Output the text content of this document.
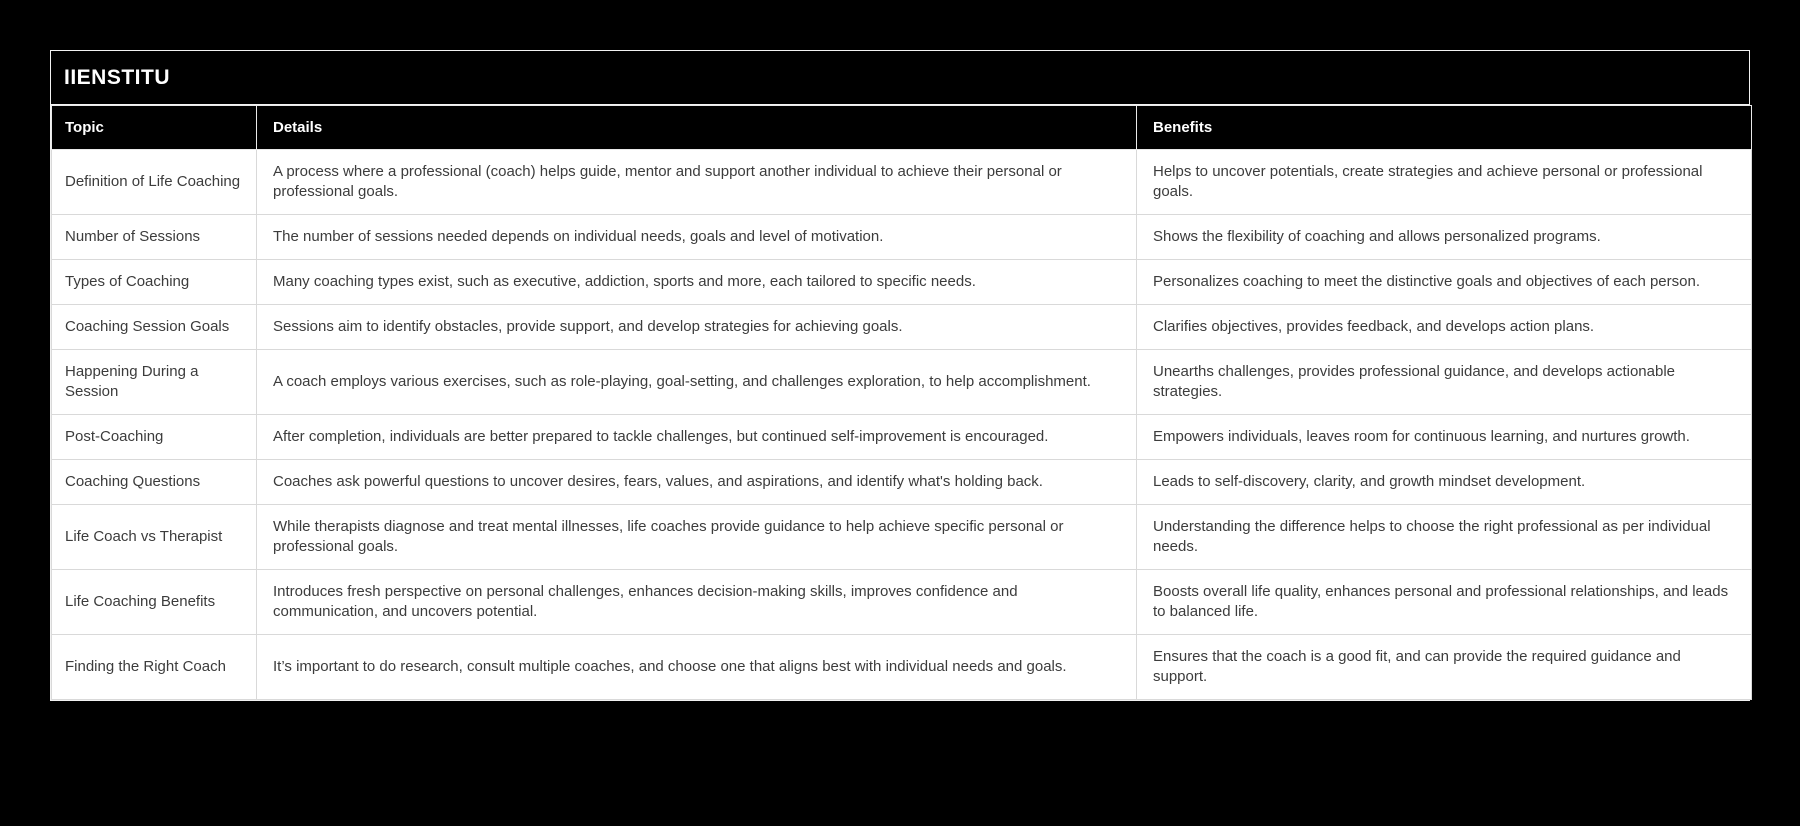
IIENSTITU
Topic	Details	Benefits
Definition of Life Coaching	A process where a professional (coach) helps guide, mentor and support another individual to achieve their personal or professional goals.	Helps to uncover potentials, create strategies and achieve personal or professional goals.
Number of Sessions	The number of sessions needed depends on individual needs, goals and level of motivation.	Shows the flexibility of coaching and allows personalized programs.
Types of Coaching	Many coaching types exist, such as executive, addiction, sports and more, each tailored to specific needs.	Personalizes coaching to meet the distinctive goals and objectives of each person.
Coaching Session Goals	Sessions aim to identify obstacles, provide support, and develop strategies for achieving goals.	Clarifies objectives, provides feedback, and develops action plans.
Happening During a Session	A coach employs various exercises, such as role-playing, goal-setting, and challenges exploration, to help accomplishment.	Unearths challenges, provides professional guidance, and develops actionable strategies.
Post-Coaching	After completion, individuals are better prepared to tackle challenges, but continued self-improvement is encouraged.	Empowers individuals, leaves room for continuous learning, and nurtures growth.
Coaching Questions	Coaches ask powerful questions to uncover desires, fears, values, and aspirations, and identify what's holding back.	Leads to self-discovery, clarity, and growth mindset development.
Life Coach vs Therapist	While therapists diagnose and treat mental illnesses, life coaches provide guidance to help achieve specific personal or professional goals.	Understanding the difference helps to choose the right professional as per individual needs.
Life Coaching Benefits	Introduces fresh perspective on personal challenges, enhances decision-making skills, improves confidence and communication, and uncovers potential.	Boosts overall life quality, enhances personal and professional relationships, and leads to balanced life.
Finding the Right Coach	It’s important to do research, consult multiple coaches, and choose one that aligns best with individual needs and goals.	Ensures that the coach is a good fit, and can provide the required guidance and support.
